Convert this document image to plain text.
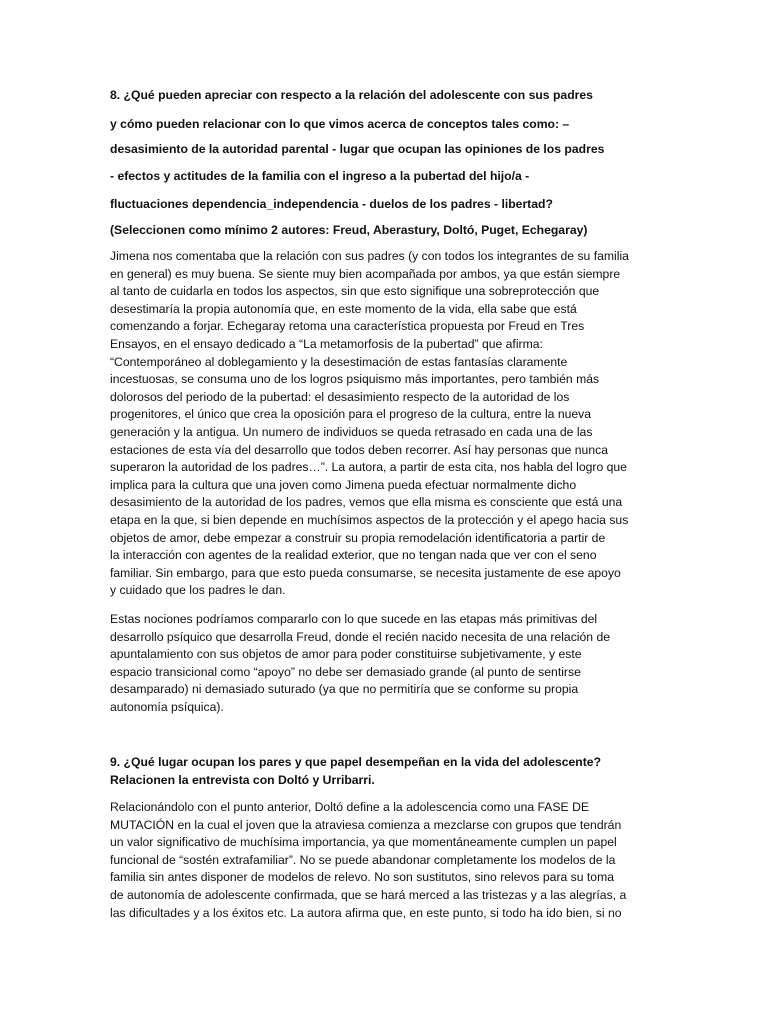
8. ¿Qué pueden apreciar con respecto a la relación del adolescente con sus padres

y cómo pueden relacionar con lo que vimos acerca de conceptos tales como: –

desasimiento de la autoridad parental - lugar que ocupan las opiniones de los padres

- efectos y actitudes de la familia con el ingreso a la pubertad del hijo/a -

fluctuaciones dependencia_independencia - duelos de los padres - libertad?

(Seleccionen como mínimo 2 autores: Freud, Aberastury, Doltó, Puget, Echegaray)

Jimena nos comentaba que la relación con sus padres (y con todos los integrantes de su familia
en general) es muy buena. Se siente muy bien acompañada por ambos, ya que están siempre
al tanto de cuidarla en todos los aspectos, sin que esto signifique una sobreprotección que
desestimaría la propia autonomía que, en este momento de la vida, ella sabe que está
comenzando a forjar. Echegaray retoma una característica propuesta por Freud en Tres
Ensayos, en el ensayo dedicado a “La metamorfosis de la pubertad” que afirma:
“Contemporáneo al doblegamiento y la desestimación de estas fantasías claramente
incestuosas, se consuma uno de los logros psiquismo más importantes, pero también más
dolorosos del periodo de la pubertad: el desasimiento respecto de la autoridad de los
progenitores, el único que crea la oposición para el progreso de la cultura, entre la nueva
generación y la antigua. Un numero de individuos se queda retrasado en cada una de las
estaciones de esta vía del desarrollo que todos deben recorrer. Así hay personas que nunca
superaron la autoridad de los padres…”. La autora, a partir de esta cita, nos habla del logro que
implica para la cultura que una joven como Jimena pueda efectuar normalmente dicho
desasimiento de la autoridad de los padres, vemos que ella misma es consciente que está una
etapa en la que, si bien depende en muchísimos aspectos de la protección y el apego hacia sus
objetos de amor, debe empezar a construir su propia remodelación identificatoria a partir de
la interacción con agentes de la realidad exterior, que no tengan nada que ver con el seno
familiar. Sin embargo, para que esto pueda consumarse, se necesita justamente de ese apoyo
y cuidado que los padres le dan.
Estas nociones podríamos compararlo con lo que sucede en las etapas más primitivas del
desarrollo psíquico que desarrolla Freud, donde el recién nacido necesita de una relación de
apuntalamiento con sus objetos de amor para poder constituirse subjetivamente, y este
espacio transicional como “apoyo” no debe ser demasiado grande (al punto de sentirse
desamparado) ni demasiado suturado (ya que no permitiría que se conforme su propia
autonomía psíquica).
9. ¿Qué lugar ocupan los pares y que papel desempeñan en la vida del adolescente?
Relacionen la entrevista con Doltó y Urribarri.
Relacionándolo con el punto anterior, Doltó define a la adolescencia como una FASE DE
MUTACIÓN en la cual el joven que la atraviesa comienza a mezclarse con grupos que tendrán
un valor significativo de muchísima importancia, ya que momentáneamente cumplen un papel
funcional de “sostén extrafamiliar”. No se puede abandonar completamente los modelos de la
familia sin antes disponer de modelos de relevo. No son sustitutos, sino relevos para su toma
de autonomía de adolescente confirmada, que se hará merced a las tristezas y a las alegrías, a
las dificultades y a los éxitos etc. La autora afirma que, en este punto, si todo ha ido bien, si no
